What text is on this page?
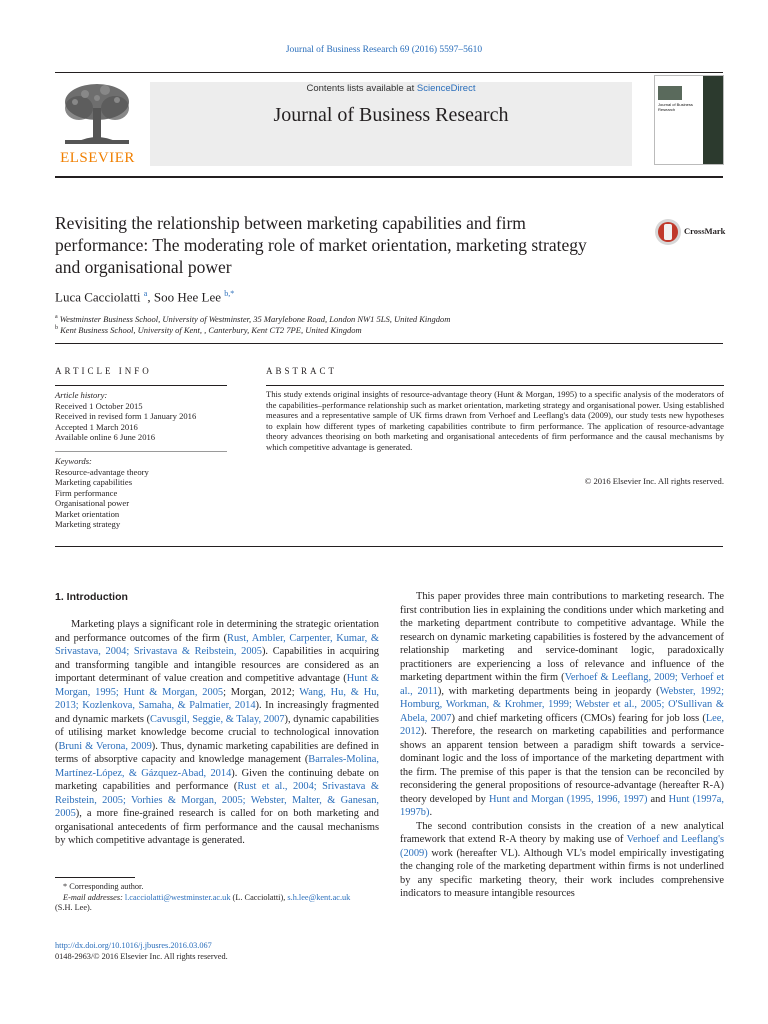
Journal of Business Research 69 (2016) 5597–5610
ELSEVIER
Contents lists available at ScienceDirect
Journal of Business Research	Journal of Business Research
Revisiting the relationship between marketing capabilities and firm performance: The moderating role of market orientation, marketing strategy and organisational power
CrossMark
Luca Cacciolatti $^a$, Soo Hee Lee $^{b,*}$
$^a$ Westminster Business School, University of Westminster, 35 Marylebone Road, London NW1 5LS, United Kingdom
$^b$ Kent Business School, University of Kent, , Canterbury, Kent CT2 7PE, United Kingdom
ARTICLE INFO
Article history:
Received 1 October 2015
Received in revised form 1 January 2016
Accepted 1 March 2016
Available online 6 June 2016
Keywords:
Resource-advantage theory
Marketing capabilities
Firm performance
Organisational power
Market orientation
Marketing strategy
ABSTRACT
This study extends original insights of resource-advantage theory (Hunt & Morgan, 1995) to a specific analysis of the moderators of the capabilities–performance relationship such as market orientation, marketing strategy and organisational power. Using established measures and a representative sample of UK firms drawn from Verhoef and Leeflang's data (2009), our study tests new hypotheses to explain how different types of marketing capabilities contribute to firm performance. The application of resource-advantage theory advances theorising on both marketing and organisational antecedents of firm performance and the causal mechanisms by which competitive advantage is generated.
© 2016 Elsevier Inc. All rights reserved.
1. Introduction

Marketing plays a significant role in determining the strategic orientation and performance outcomes of the firm (Rust, Ambler, Carpenter, Kumar, & Srivastava, 2004; Srivastava & Reibstein, 2005). Capabilities in acquiring and transforming tangible and intangible resources are considered as an important determinant of value creation and competitive advantage (Hunt & Morgan, 1995; Hunt & Morgan, 2005; Morgan, 2012; Wang, Hu, & Hu, 2013; Kozlenkova, Samaha, & Palmatier, 2014). In increasingly fragmented and dynamic markets (Cavusgil, Seggie, & Talay, 2007), dynamic capabilities of utilising market knowledge become crucial to technological innovation (Bruni & Verona, 2009). Thus, dynamic marketing capabilities are defined in terms of absorptive capacity and knowledge management (Barrales-Molina, Martínez-López, & Gázquez-Abad, 2014). Given the continuing debate on marketing capabilities and performance (Rust et al., 2004; Srivastava & Reibstein, 2005; Vorhies & Morgan, 2005; Webster, Malter, & Ganesan, 2005), a more fine-grained research is called for on both marketing and organisational antecedents of firm performance and the causal mechanisms by which competitive advantage is generated.

* Corresponding author.
E-mail addresses: l.cacciolatti@westminster.ac.uk (L. Cacciolatti), s.h.lee@kent.ac.uk
(S.H. Lee).
http://dx.doi.org/10.1016/j.jbusres.2016.03.067
0148-2963/© 2016 Elsevier Inc. All rights reserved.

This paper provides three main contributions to marketing research. The first contribution lies in explaining the conditions under which marketing and the marketing department contribute to competitive advantage. While the research on dynamic marketing capabilities is fostered by the advancement of relationship marketing and service-dominant logic, paradoxically practitioners are experiencing a loss of relevance and influence of the marketing department within the firm (Verhoef & Leeflang, 2009; Verhoef et al., 2011), with marketing departments being in jeopardy (Webster, 1992; Homburg, Workman, & Krohmer, 1999; Webster et al., 2005; O'Sullivan & Abela, 2007) and chief marketing officers (CMOs) fearing for job loss (Lee, 2012). Therefore, the research on marketing capabilities and performance shows an apparent tension between a paradigm shift towards a service-dominant logic and the loss of importance of the marketing department with the firm. The premise of this paper is that the tension can be reconciled by reconsidering the general propositions of resource-advantage (hereafter R-A) theory developed by Hunt and Morgan (1995, 1996, 1997) and Hunt (1997a, 1997b).

The second contribution consists in the creation of a new analytical framework that extend R-A theory by making use of Verhoef and Leeflang's (2009) work (hereafter VL). Although VL's model empirically investigating the changing role of the marketing department within firms is not underlined by any specific marketing theory, their work includes comprehensive indicators to measure intangible resources
